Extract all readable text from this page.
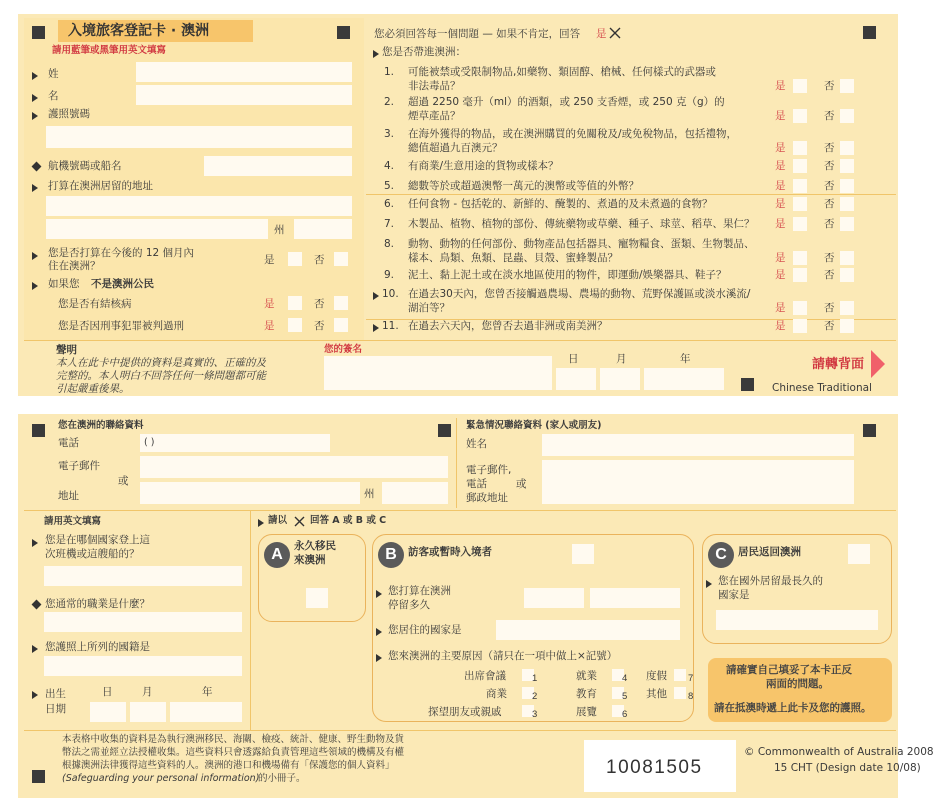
入境旅客登記卡 · 澳洲
請用藍筆或黑筆用英文填寫
姓
名
護照號碼
航機號碼或船名
打算在澳洲居留的地址
州
您是否打算在今後的 12 個月內
住在澳洲？	是	否
如果您 不是澳洲公民
您是否有結核病	是	否
您是否因刑事犯罪被判過刑	是	否
您必須回答每一個問題 — 如果不肯定，回答 是
您是否帶進澳洲：
聲明
本人在此卡中提供的資料是真實的、正確的及
完整的。本人明白不回答任何一條問題都可能
引起嚴重後果。
您的簽名
日	月	年	請轉背面
Chinese Traditional
1. 可能被禁或受限制物品,如藥物、類固醇、槍械、任何樣式的武器或
非法毒品？	是	否
2. 超過 2250 毫升（ml）的酒類，或 250 支香煙，或 250 克（g）的
煙草產品？	是	否
3. 在海外獲得的物品，或在澳洲購買的免關稅及/或免稅物品，包括禮物，
總值超過九百澳元？	是	否
4. 有商業/生意用途的貨物或樣本？	是	否
5. 總數等於或超過澳幣一萬元的澳幣或等值的外幣？	是	否
6. 任何食物 - 包括乾的、新鮮的、醃製的、煮過的及未煮過的食物？	是	否
7. 木製品、植物、植物的部份、傳統藥物或草藥、種子、球莖、稻草、果仁？ 是	否
8. 動物、動物的任何部份、動物產品包括器具、寵物糧食、蛋類、生物製品、
樣本、鳥類、魚類、昆蟲、貝殼、蜜蜂製品？	是	否
9. 泥土、黏上泥土或在淡水地區使用的物件，即運動/娛樂器具、鞋子？	是	否
10. 在過去30天內，您曾否接觸過農場、農場的動物、荒野保護區或淡水溪流/
湖泊等？	是	否
11. 在過去六天內，您曾否去過非洲或南美洲？	是	否
您在澳洲的聯絡資料
電話	( )
電子郵件
或
地址	州
緊急情況聯絡資料 (家人或朋友)
姓名
電子郵件,
電話	或
郵政地址
請用英文填寫
您是在哪個國家登上這
次班機或這艘船的？
您通常的職業是什麼？
您護照上所列的國籍是
出生
日期
日	月	年
請以 回答 A 或 B 或 C
A	永久移民
來澳洲	B	訪客或暫時入境者
您打算在澳洲
停留多久
您居住的國家是
您來澳洲的主要原因（請只在一項中做上×記號）
C	居民返回澳洲
您在國外居留最長久的
國家是
請確實自己填妥了本卡正反
兩面的問題。
請在抵澳時遞上此卡及您的護照。
本表格中收集的資料是為執行澳洲移民、海關、檢疫、統計、健康、野生動物及貨
幣法之需並經立法授權收集。這些資料只會透露給負責管理這些領域的機構及有權
根據澳洲法律獲得這些資料的人。澳洲的港口和機場備有「保護您的個人資料」
(Safeguarding your personal information)
的小冊子。
10081505
© Commonwealth of Australia 2008
15 CHT (Design date 10/08)
出席會議	1
商業	2
探望朋友或親戚	3
就業	4
教育	5
展覽	6
度假 7
其他 8
